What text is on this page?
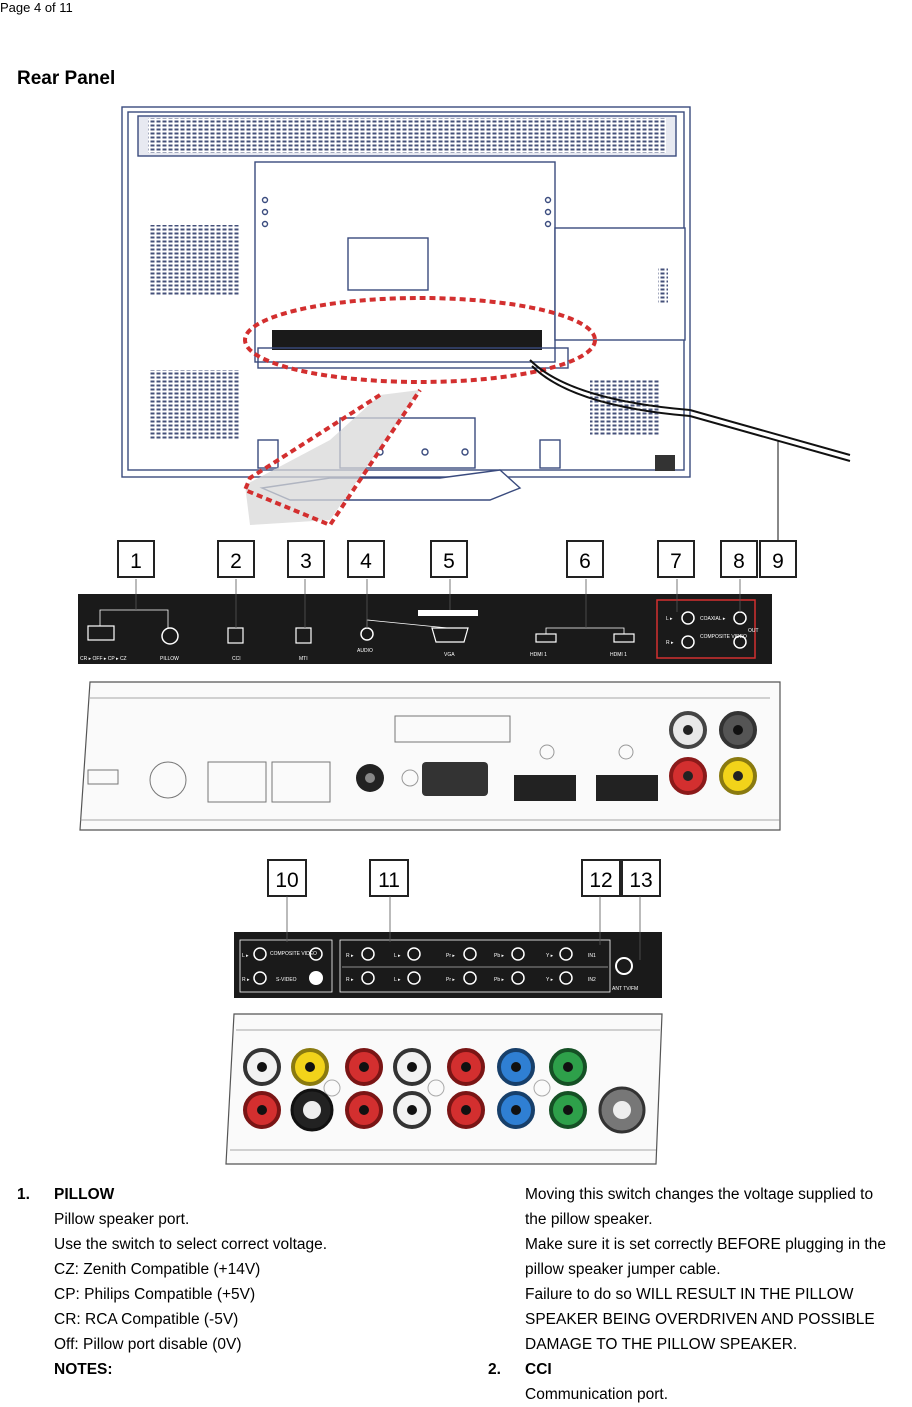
Page 4 of 11
Rear Panel
1	2	3 4	5	6	7 8 9
CR ▸ OFF ▸ CP ▸ CZ	PILLOW	CCI	MTI
AUDIO
VGA	HDMI 1	HDMI 1
L ▸
R ▸
COAXIAL ▸
COMPOSITE VIDEO
OUT
10	11	12 13
L ▸
R ▸
COMPOSITE VIDEO
S-VIDEO
R ▸	L ▸	Pr ▸	Pb ▸	Y ▸
R ▸	L ▸	Pr ▸	Pb ▸	Y ▸
IN1
IN2
ANT TV/FM
1.	PILLOW
Pillow speaker port.
Use the switch to select correct voltage.
CZ: Zenith Compatible (+14V)
CP: Philips Compatible (+5V)
CR: RCA Compatible (-5V)
Off: Pillow port disable (0V)
NOTES:
Moving this switch changes the voltage supplied to
the pillow speaker.
Make sure it is set correctly BEFORE plugging in the
pillow speaker jumper cable.
Failure to do so WILL RESULT IN THE PILLOW
SPEAKER BEING OVERDRIVEN AND POSSIBLE
DAMAGE TO THE PILLOW SPEAKER.
2.	CCI
Communication port.
